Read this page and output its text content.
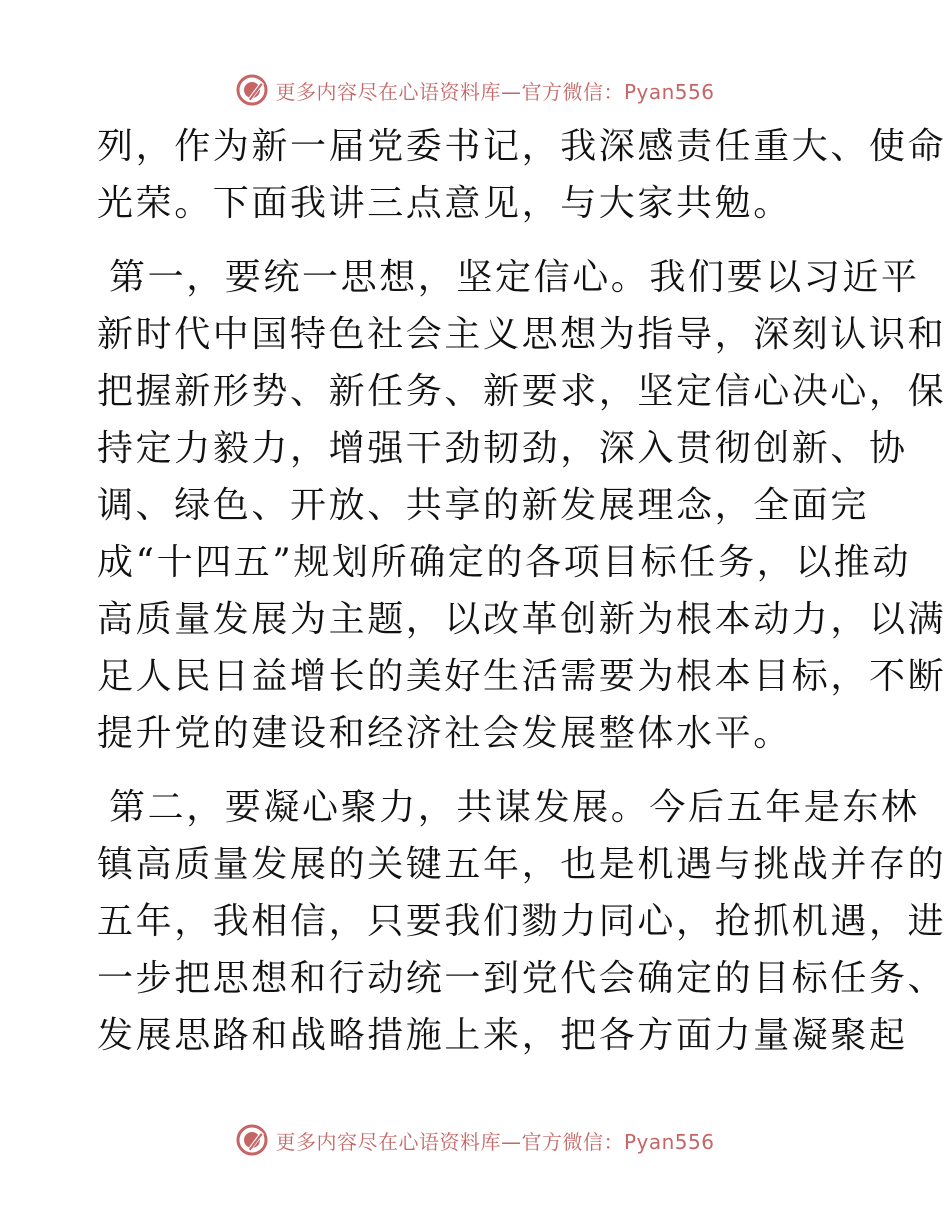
更多内容尽在心语资料库—官方微信：Pyan556
列，作为新一届党委书记，我深感责任重大、使命
光荣。下面我讲三点意见，与大家共勉。
第一，要统一思想，坚定信心。我们要以习近平
新时代中国特色社会主义思想为指导，深刻认识和
把握新形势、新任务、新要求，坚定信心决心，保
持定力毅力，增强干劲韧劲，深入贯彻创新、协
调、绿色、开放、共享的新发展理念，全面完
成“十四五”规划所确定的各项目标任务，以推动
高质量发展为主题，以改革创新为根本动力，以满
足人民日益增长的美好生活需要为根本目标，不断
提升党的建设和经济社会发展整体水平。
第二，要凝心聚力，共谋发展。今后五年是东林
镇高质量发展的关键五年，也是机遇与挑战并存的
五年，我相信，只要我们勠力同心，抢抓机遇，进
一步把思想和行动统一到党代会确定的目标任务、
发展思路和战略措施上来，把各方面力量凝聚起
更多内容尽在心语资料库—官方微信：Pyan556
